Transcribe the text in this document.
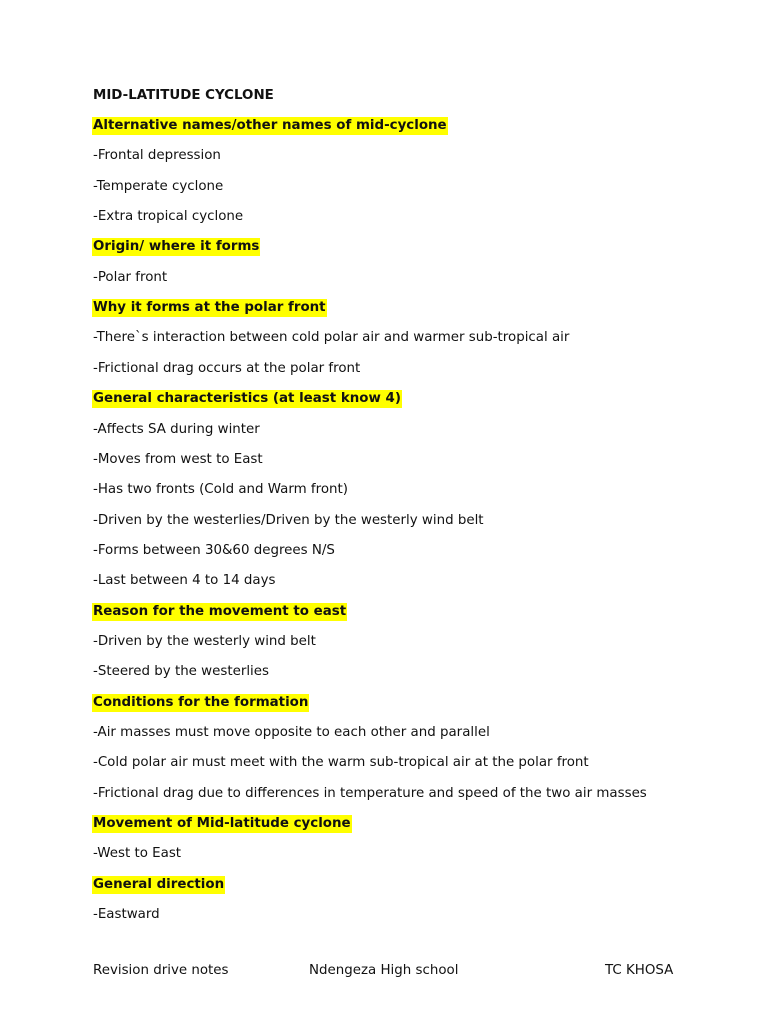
MID-LATITUDE CYCLONE
Alternative names/other names of mid-cyclone
-Frontal depression
-Temperate cyclone
-Extra tropical cyclone
Origin/ where it forms
-Polar front
Why it forms at the polar front
-There`s interaction between cold polar air and warmer sub-tropical air
-Frictional drag occurs at the polar front
General characteristics (at least know 4)
-Affects SA during winter
-Moves from west to East
-Has two fronts (Cold and Warm front)
-Driven by the westerlies/Driven by the westerly wind belt
-Forms between 30&60 degrees N/S
-Last between 4 to 14 days
Reason for the movement to east
-Driven by the westerly wind belt
-Steered by the westerlies
Conditions for the formation
-Air masses must move opposite to each other and parallel
-Cold polar air must meet with the warm sub-tropical air at the polar front
-Frictional drag due to differences in temperature and speed of the two air masses
Movement of Mid-latitude cyclone
-West to East
General direction
-Eastward
Revision drive notes	Ndengeza High school	TC KHOSA
